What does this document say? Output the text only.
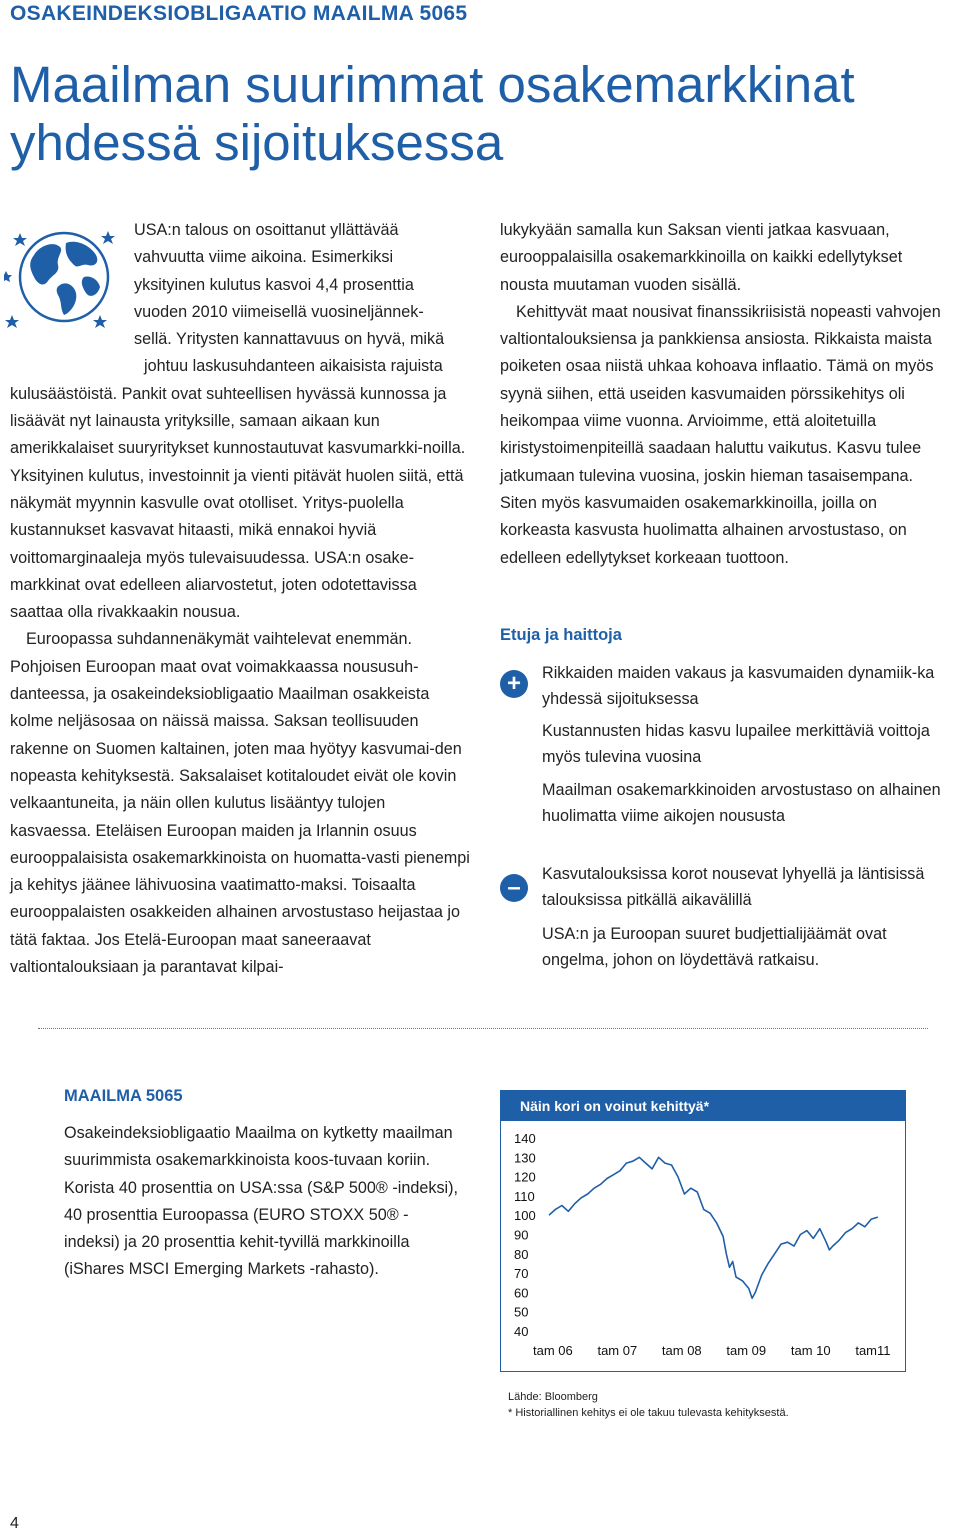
OSAKEINDEKSIOBLIGAATIO MAAILMA 5065
Maailman suurimmat osakemarkkinat
yhdessä sijoituksessa
USA:n talous on osoittanut yllättävää
vahvuutta viime aikoina. Esimerkiksi
yksityinen kulutus kasvoi 4,4 prosenttia
vuoden 2010 viimeisellä vuosineljännek-
sellä. Yritysten kannattavuus on hyvä, mikä
johtuu laskusuhdanteen aikaisista rajuista

kulusäästöistä. Pankit ovat suhteellisen hyvässä kunnossa ja lisäävät nyt lainausta yrityksille, samaan aikaan kun amerikkalaiset suuryritykset kunnostautuvat kasvumarkki-noilla. Yksityinen kulutus, investoinnit ja vienti pitävät huolen siitä, että näkymät myynnin kasvulle ovat otolliset. Yritys-puolella kustannukset kasvavat hitaasti, mikä ennakoi hyviä voittomarginaaleja myös tulevaisuudessa. USA:n osake-markkinat ovat edelleen aliarvostetut, joten odotettavissa saattaa olla rivakkaakin nousua.

Euroopassa suhdannenäkymät vaihtelevat enemmän. Pohjoisen Euroopan maat ovat voimakkaassa noususuh-danteessa, ja osakeindeksiobligaatio Maailman osakkeista kolme neljäsosaa on näissä maissa. Saksan teollisuuden rakenne on Suomen kaltainen, joten maa hyötyy kasvumai-den nopeasta kehityksestä. Saksalaiset kotitaloudet eivät ole kovin velkaantuneita, ja näin ollen kulutus lisääntyy tulojen kasvaessa. Eteläisen Euroopan maiden ja Irlannin osuus eurooppalaisista osakemarkkinoista on huomatta-vasti pienempi ja kehitys jäänee lähivuosina vaatimatto-maksi. Toisaalta eurooppalaisten osakkeiden alhainen arvostustaso heijastaa jo tätä faktaa. Jos Etelä-Euroopan maat saneeraavat valtiontalouksiaan ja parantavat kilpai-

lukykyään samalla kun Saksan vienti jatkaa kasvuaan, eurooppalaisilla osakemarkkinoilla on kaikki edellytykset nousta muutaman vuoden sisällä.

Kehittyvät maat nousivat finanssikriisistä nopeasti vahvojen valtiontalouksiensa ja pankkiensa ansiosta. Rikkaista maista poiketen osaa niistä uhkaa kohoava inflaatio. Tämä on myös syynä siihen, että useiden kasvumaiden pörssikehitys oli heikompaa viime vuonna. Arvioimme, että aloitetuilla kiristystoimenpiteillä saadaan haluttu vaikutus. Kasvu tulee jatkumaan tulevina vuosina, joskin hieman tasaisempana. Siten myös kasvumaiden osakemarkkinoilla, joilla on korkeasta kasvusta huolimatta alhainen arvostustaso, on edelleen edellytykset korkeaan tuottoon.

Etuja ja haittoja
+	Rikkaiden maiden vakaus ja kasvumaiden dynamiik-ka yhdessä sijoituksessa
Kustannusten hidas kasvu lupailee merkittäviä voittoja myös tulevina vuosina
Maailman osakemarkkinoiden arvostustaso on alhainen huolimatta viime aikojen noususta
–	Kasvutalouksissa korot nousevat lyhyellä ja läntisissä talouksissa pitkällä aikavälillä
USA:n ja Euroopan suuret budjettialijäämät ovat ongelma, johon on löydettävä ratkaisu.
MAAILMA 5065
Osakeindeksiobligaatio Maailma on kytketty maailman suurimmista osakemarkkinoista koos-tuvaan koriin. Korista 40 prosenttia on USA:ssa (S&P 500® -indeksi), 40 prosenttia Euroopassa (EURO STOXX 50® -indeksi) ja 20 prosenttia kehit-tyvillä markkinoilla (iShares MSCI Emerging Markets -rahasto).
Näin kori on voinut kehittyä*
140
130
120
110
100
90
80
70
60
50
40
tam 06 tam 07 tam 08 tam 09 tam 10 tam11
Lähde: Bloomberg
* Historiallinen kehitys ei ole takuu tulevasta kehityksestä.
4
